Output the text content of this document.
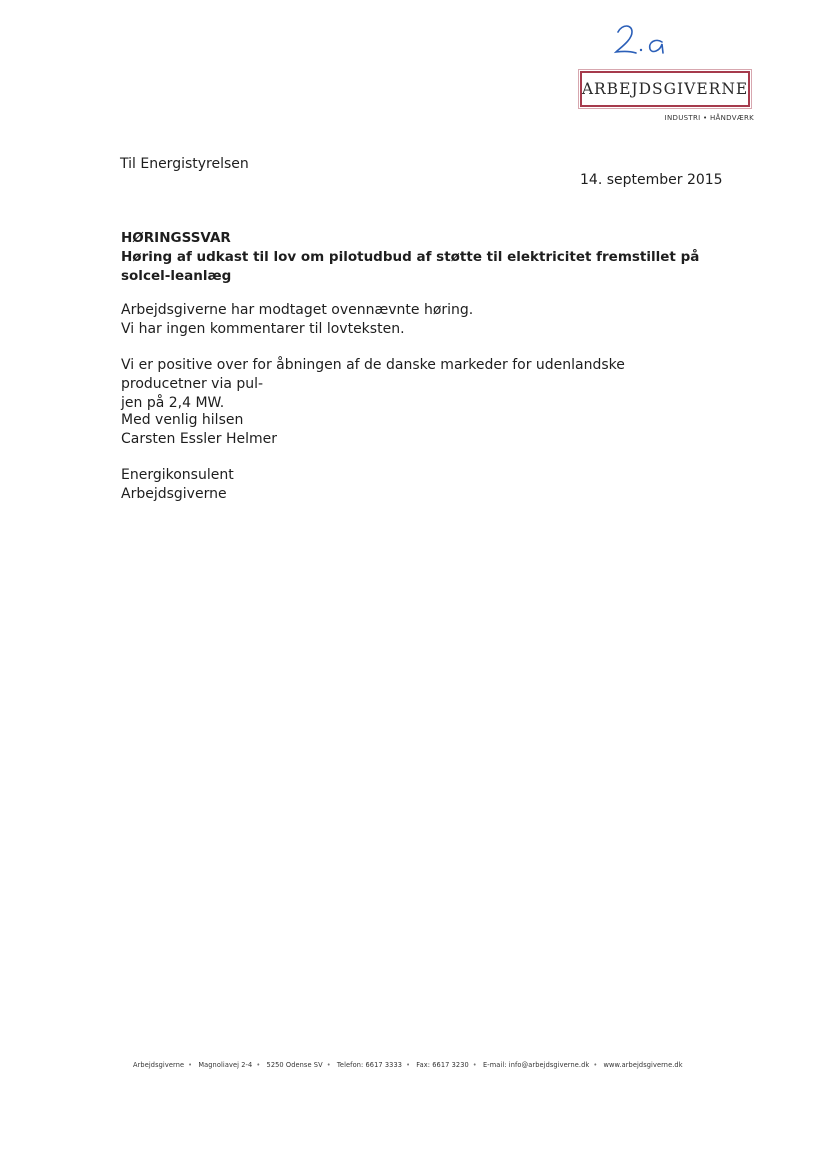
2.a
ARBEJDSGIVERNE
INDUSTRI • HÅNDVÆRK
Til Energistyrelsen
14. september 2015
HØRINGSSVAR
Høring af udkast til lov om pilotudbud af støtte til elektricitet fremstillet på solcel-leanlæg
Arbejdsgiverne har modtaget ovennævnte høring.
Vi har ingen kommentarer til lovteksten.
Vi er positive over for åbningen af de danske markeder for udenlandske producetner via pul-
jen på 2,4 MW.
Med venlig hilsen
Carsten Essler Helmer
Energikonsulent
Arbejdsgiverne
Arbejdsgiverne • Magnoliavej 2-4 • 5250 Odense SV • Telefon: 6617 3333 • Fax: 6617 3230 • E-mail: info@arbejdsgiverne.dk • www.arbejdsgiverne.dk
